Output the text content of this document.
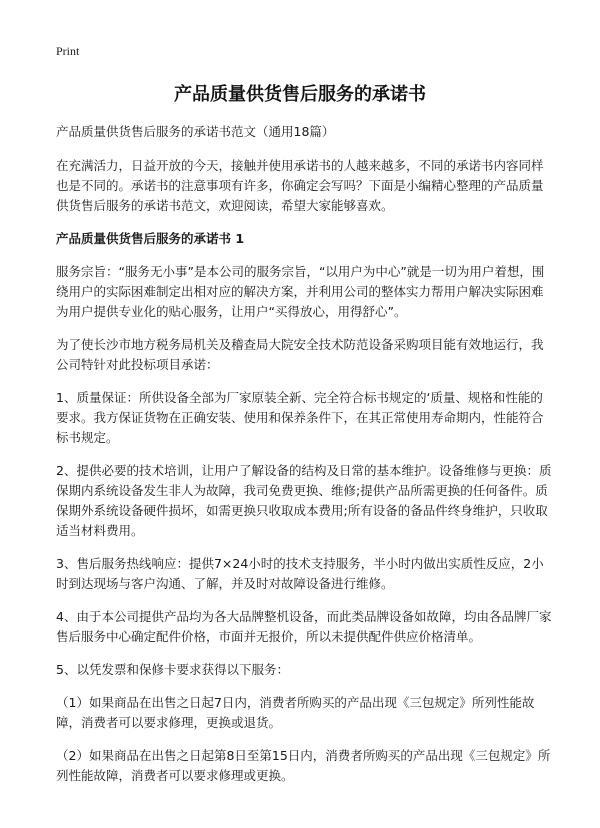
Print
产品质量供货售后服务的承诺书

产品质量供货售后服务的承诺书范文（通用18篇）

在充满活力，日益开放的今天，接触并使用承诺书的人越来越多，不同的承诺书内容同样也是不同的。承诺书的注意事项有许多，你确定会写吗？下面是小编精心整理的产品质量供货售后服务的承诺书范文，欢迎阅读，希望大家能够喜欢。

产品质量供货售后服务的承诺书 1

服务宗旨：“服务无小事”是本公司的服务宗旨，“以用户为中心”就是一切为用户着想，围绕用户的实际困难制定出相对应的解决方案，并利用公司的整体实力帮用户解决实际困难为用户提供专业化的贴心服务，让用户“买得放心，用得舒心”。

为了使长沙市地方税务局机关及稽查局大院安全技术防范设备采购项目能有效地运行，我公司特针对此投标项目承诺：

1、质量保证：所供设备全部为厂家原装全新、完全符合标书规定的‘质量、规格和性能的要求。我方保证货物在正确安装、使用和保养条件下，在其正常使用寿命期内，性能符合标书规定。

2、提供必要的技术培训，让用户了解设备的结构及日常的基本维护。设备维修与更换：质保期内系统设备发生非人为故障，我司免费更换、维修;提供产品所需更换的任何备件。质保期外系统设备硬件损坏，如需更换只收取成本费用;所有设备的备品件终身维护，只收取适当材料费用。

3、售后服务热线响应：提供7×24小时的技术支持服务，半小时内做出实质性反应，2小时到达现场与客户沟通、了解，并及时对故障设备进行维修。

4、由于本公司提供产品均为各大品牌整机设备，而此类品牌设备如故障，均由各品牌厂家售后服务中心确定配件价格，市面并无报价，所以未提供配件供应价格清单。

5、以凭发票和保修卡要求获得以下服务：

（1）如果商品在出售之日起7日内，消费者所购买的产品出现《三包规定》所列性能故障，消费者可以要求修理，更换或退货。

（2）如果商品在出售之日起第8日至第15日内，消费者所购买的产品出现《三包规定》所列性能故障，消费者可以要求修理或更换。
